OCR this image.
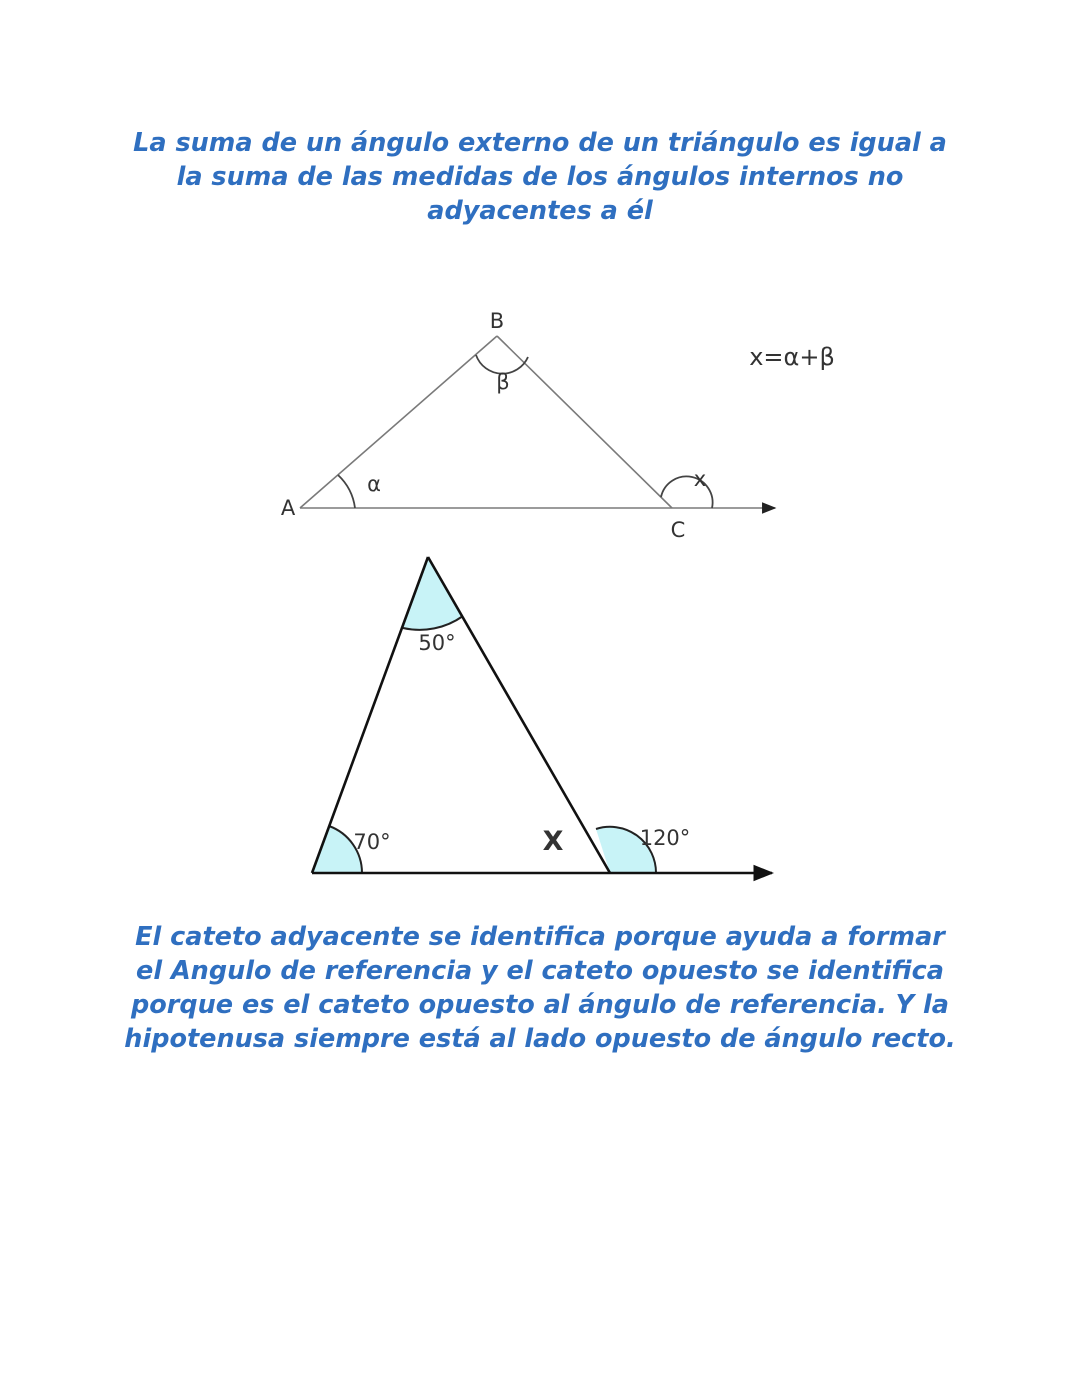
La suma de un ángulo externo de un triángulo es igual a la suma de las medidas de los ángulos internos no adyacentes a él

A
B
C
α
β
x
x=α+β
50°
70°	X	120°

El cateto adyacente se identifica porque ayuda a formar el Angulo de referencia y el cateto opuesto se identifica porque es el cateto opuesto al ángulo de referencia. Y la hipotenusa siempre está al lado opuesto de ángulo recto.
